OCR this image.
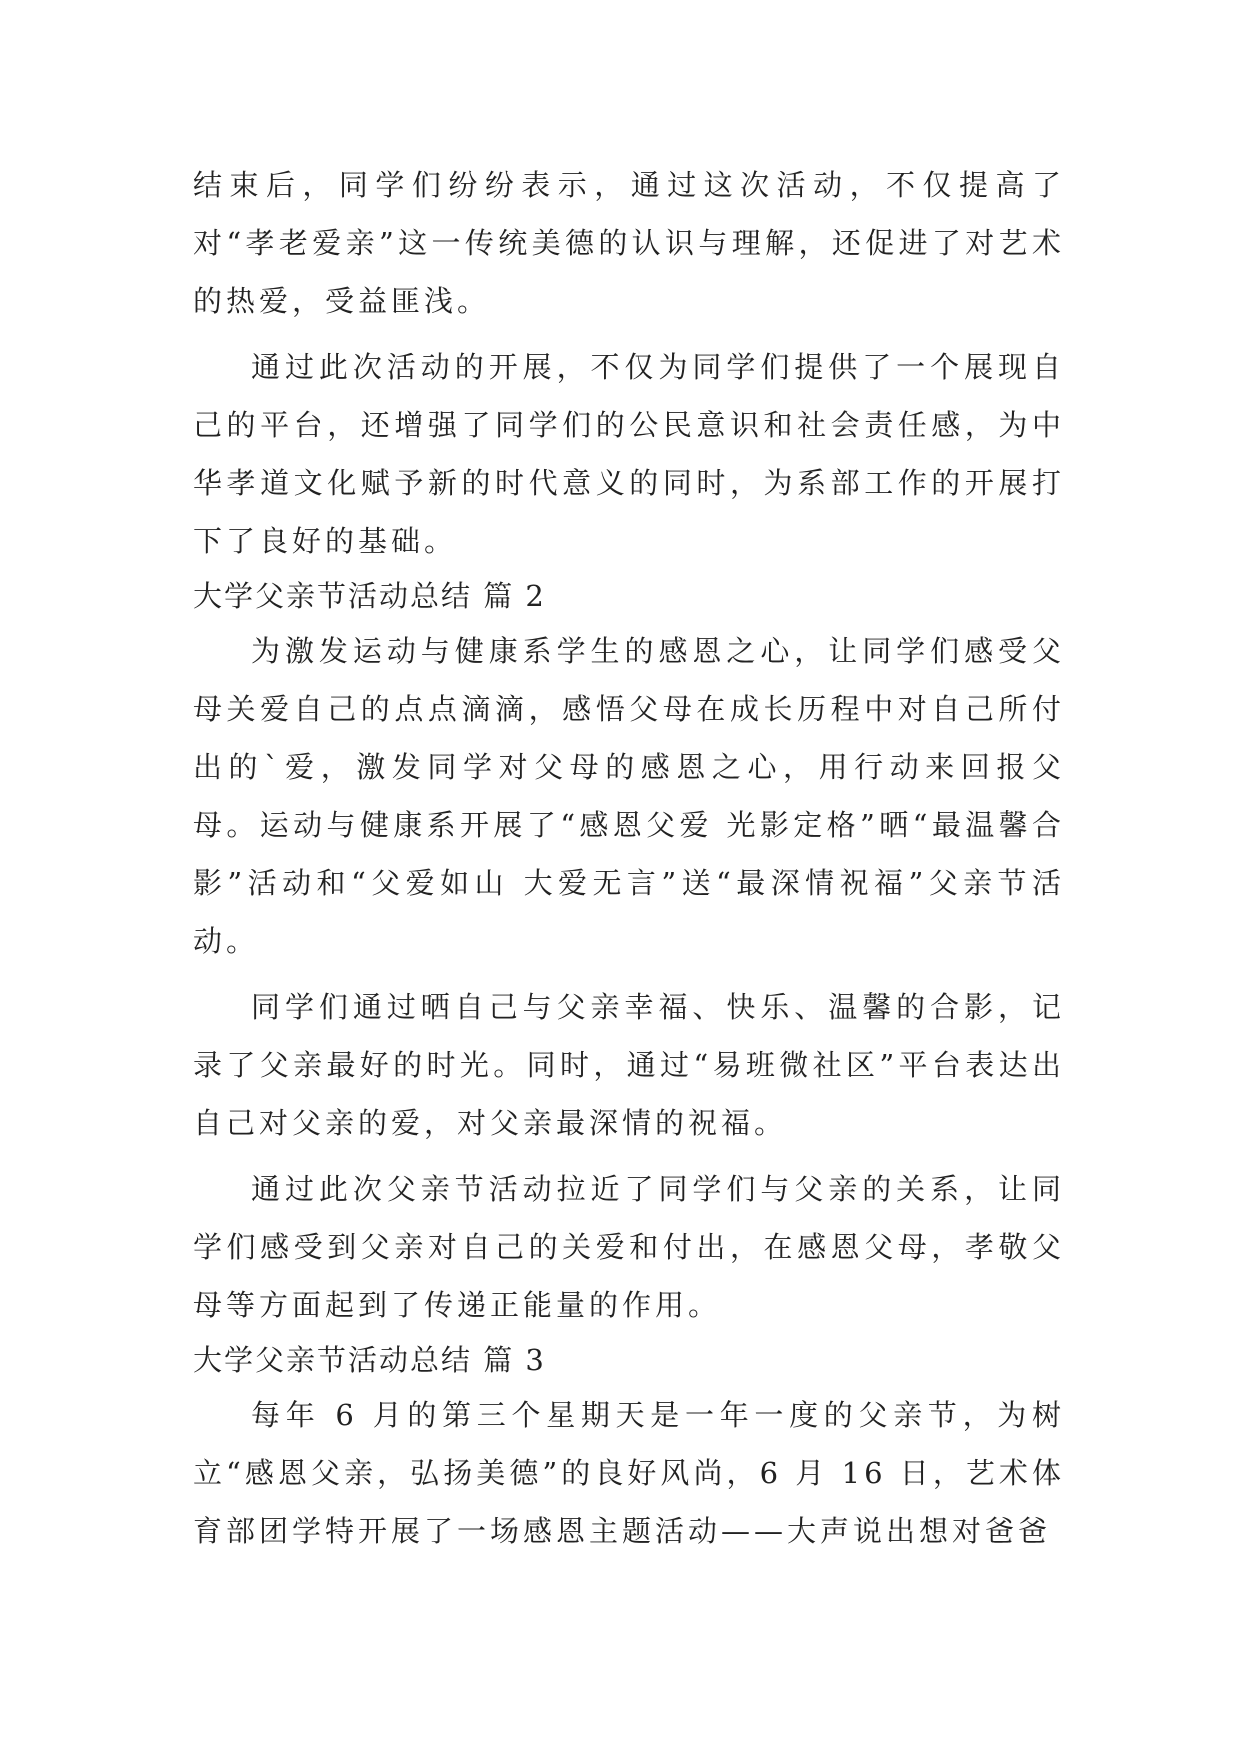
结束后，同学们纷纷表示，通过这次活动，不仅提高了对“孝老爱亲”这一传统美德的认识与理解，还促进了对艺术的热爱，受益匪浅。

通过此次活动的开展，不仅为同学们提供了一个展现自己的平台，还增强了同学们的公民意识和社会责任感，为中华孝道文化赋予新的时代意义的同时，为系部工作的开展打下了良好的基础。

大学父亲节活动总结 篇 2

为激发运动与健康系学生的感恩之心，让同学们感受父母关爱自己的点点滴滴，感悟父母在成长历程中对自己所付出的`爱，激发同学对父母的感恩之心，用行动来回报父母。运动与健康系开展了“感恩父爱 光影定格”晒“最温馨合影”活动和“父爱如山 大爱无言”送“最深情祝福”父亲节活动。

同学们通过晒自己与父亲幸福、快乐、温馨的合影，记录了父亲最好的时光。同时，通过“易班微社区”平台表达出自己对父亲的爱，对父亲最深情的祝福。

通过此次父亲节活动拉近了同学们与父亲的关系，让同学们感受到父亲对自己的关爱和付出，在感恩父母，孝敬父母等方面起到了传递正能量的作用。

大学父亲节活动总结 篇 3

每年 6 月的第三个星期天是一年一度的父亲节，为树立“感恩父亲，弘扬美德”的良好风尚，6 月 16 日，艺术体育部团学特开展了一场感恩主题活动——大声说出想对爸爸
